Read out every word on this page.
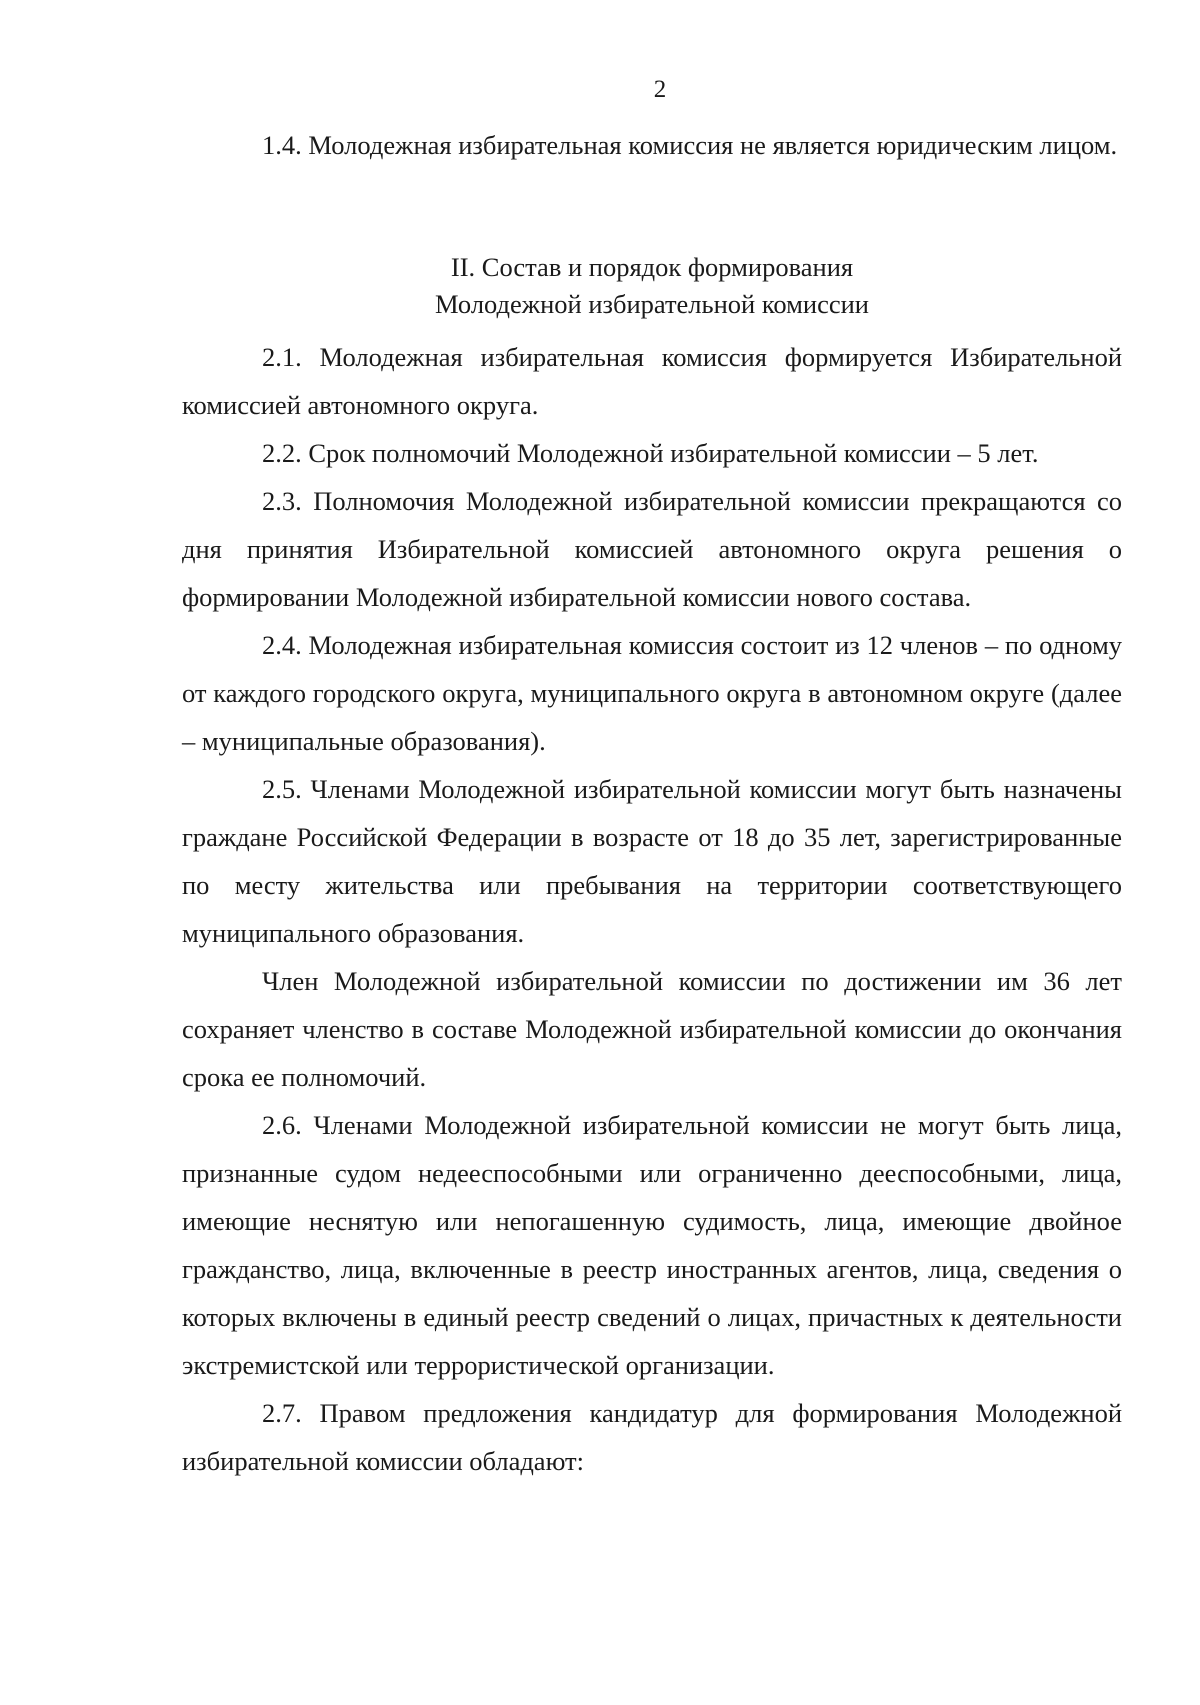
2

1.4. Молодежная избирательная комиссия не является юридическим лицом.

II. Состав и порядок формирования
Молодежной избирательной комиссии

2.1. Молодежная избирательная комиссия формируется Избирательной комиссией автономного округа.

2.2. Срок полномочий Молодежной избирательной комиссии – 5 лет.

2.3. Полномочия Молодежной избирательной комиссии прекращаются со дня принятия Избирательной комиссией автономного округа решения о формировании Молодежной избирательной комиссии нового состава.

2.4. Молодежная избирательная комиссия состоит из 12 членов – по одному от каждого городского округа, муниципального округа в автономном округе (далее – муниципальные образования).

2.5. Членами Молодежной избирательной комиссии могут быть назначены граждане Российской Федерации в возрасте от 18 до 35 лет, зарегистрированные по месту жительства или пребывания на территории соответствующего муниципального образования.

Член Молодежной избирательной комиссии по достижении им 36 лет сохраняет членство в составе Молодежной избирательной комиссии до окончания срока ее полномочий.

2.6. Членами Молодежной избирательной комиссии не могут быть лица, признанные судом недееспособными или ограниченно дееспособными, лица, имеющие неснятую или непогашенную судимость, лица, имеющие двойное гражданство, лица, включенные в реестр иностранных агентов, лица, сведения о которых включены в единый реестр сведений о лицах, причастных к деятельности экстремистской или террористической организации.

2.7. Правом предложения кандидатур для формирования Молодежной избирательной комиссии обладают:
